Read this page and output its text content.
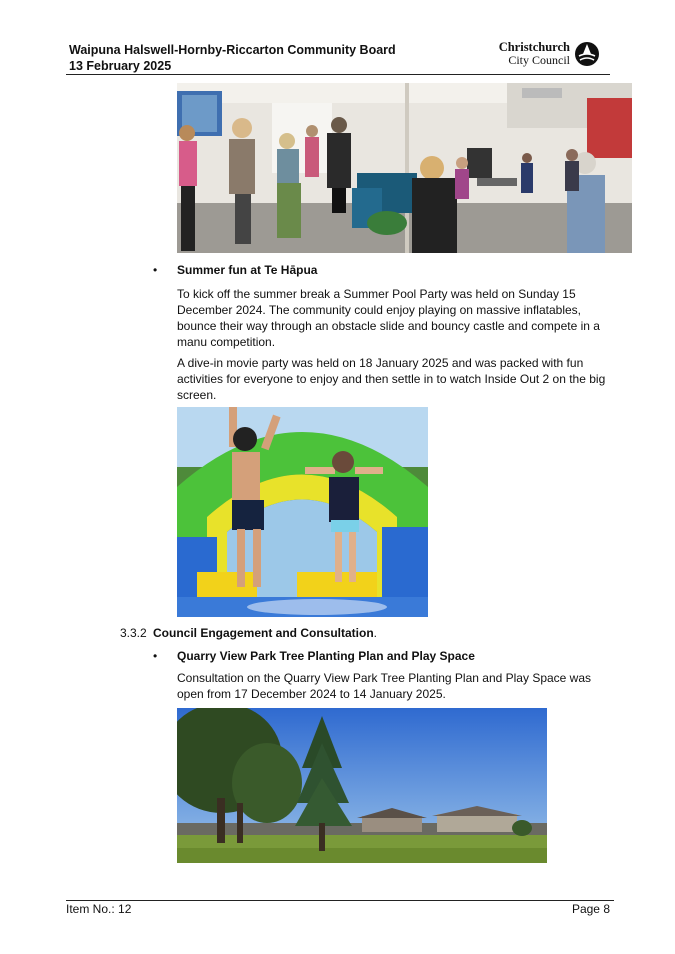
Waipuna Halswell-Hornby-Riccarton Community Board
13 February 2025
Christchurch
City Council
• Summer fun at Te Hāpua

To kick off the summer break a Summer Pool Party was held on Sunday 15 December 2024. The community could enjoy playing on massive inflatables, bounce their way through an obstacle slide and bouncy castle and compete in a manu competition.

A dive-in movie party was held on 18 January 2025 and was packed with fun activities for everyone to enjoy and then settle in to watch Inside Out 2 on the big screen.

3.3.2 Council Engagement and Consultation.
• Quarry View Park Tree Planting Plan and Play Space

Consultation on the Quarry View Park Tree Planting Plan and Play Space was open from 17 December 2024 to 14 January 2025.

Item No.: 12	Page 8
